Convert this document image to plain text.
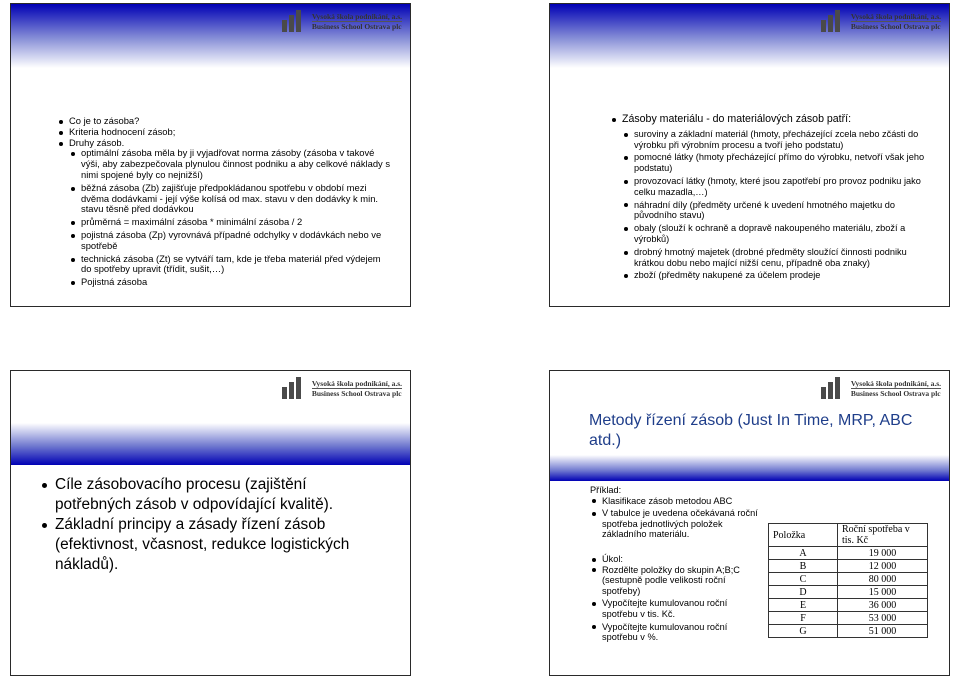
Vysoká škola podnikání, a.s.
Business School Ostrava plc
Co je to zásoba?
Kriteria hodnocení zásob;
Druhy zásob.
optimální zásoba měla by ji vyjadřovat norma zásoby (zásoba v takové výši, aby zabezpečovala plynulou činnost podniku a aby celkové náklady s nimi spojené byly co nejnižší)
běžná zásoba (Zb) zajišťuje předpokládanou spotřebu v období mezi dvěma dodávkami - její výše kolísá od max. stavu v den dodávky k min. stavu těsně před dodávkou
průměrná = maximální zásoba * minimální zásoba / 2
pojistná zásoba (Zp) vyrovnává případné odchylky v dodávkách nebo ve spotřebě
technická zásoba (Zt) se vytváří tam, kde je třeba materiál před výdejem do spotřeby upravit (třídit, sušit,…)
Pojistná zásoba
Vysoká škola podnikání, a.s.
Business School Ostrava plc
Zásoby materiálu - do materiálových zásob patří:
suroviny a základní materiál (hmoty, přecházející zcela nebo zčásti do výrobku při výrobním procesu a tvoří jeho podstatu)
pomocné látky (hmoty přecházející přímo do výrobku, netvoří však jeho podstatu)
provozovací látky (hmoty, které jsou zapotřebí pro provoz podniku jako celku mazadla,…)
náhradní díly (předměty určené k uvedení hmotného majetku do původního stavu)
obaly (slouží k ochraně a dopravě nakoupeného materiálu, zboží a výrobků)
drobný hmotný majetek (drobné předměty sloužící činnosti podniku krátkou dobu nebo mající nižší cenu, případně oba znaky)
zboží (předměty nakupené za účelem prodeje
Vysoká škola podnikání, a.s.
Business School Ostrava plc
Cíle zásobovacího procesu (zajištění potřebných zásob v odpovídající kvalitě).
Základní principy a zásady řízení zásob (efektivnost, včasnost, redukce logistických nákladů).
Vysoká škola podnikání, a.s.
Business School Ostrava plc
Metody řízení zásob (Just In Time, MRP, ABC atd.)
Příklad:
Klasifikace zásob metodou ABC
V tabulce je uvedena očekávaná roční spotřeba jednotlivých položek základního materiálu.
Úkol:
Rozdělte položky do skupin A;B;C (sestupně podle velikosti roční spotřeby)
Vypočítejte kumulovanou roční spotřebu v tis. Kč.
Vypočítejte kumulovanou roční spotřebu v %.
Položka	Roční spotřeba v tis. Kč
A	19 000
B	12 000
C	80 000
D	15 000
E	36 000
F	53 000
G	51 000
